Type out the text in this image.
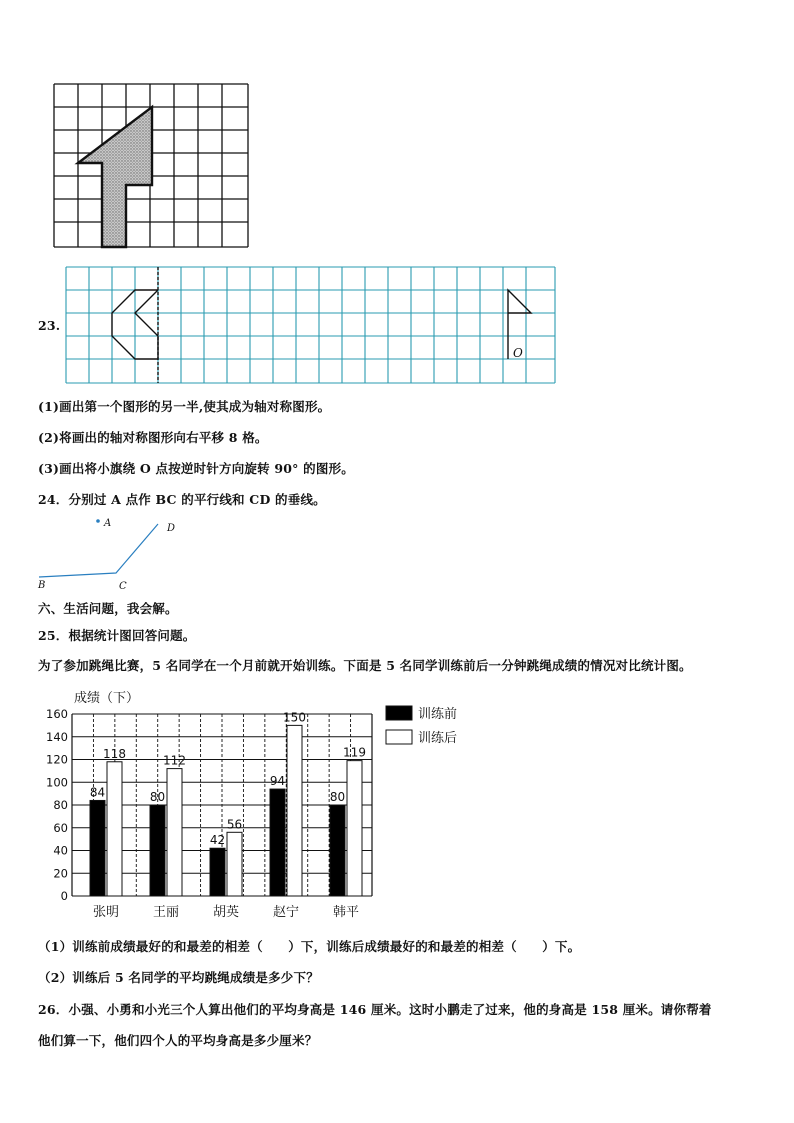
23.
O
(1)画出第一个图形的另一半,使其成为轴对称图形。
(2)将画出的轴对称图形向右平移 8 格。
(3)画出将小旗绕 O 点按逆时针方向旋转 90° 的图形。
24．分别过 A 点作 BC 的平行线和 CD 的垂线。
A	D
B	C
六、生活问题，我会解。
25．根据统计图回答问题。
为了参加跳绳比赛，5 名同学在一个月前就开始训练。下面是 5 名同学训练前后一分钟跳绳成绩的情况对比统计图。
成绩（下）
0
20
40
60
80
100
120
140
160
84
118
张明
80
112
王丽
42
56
胡英
94
150
赵宁
80
119
韩平
训练前
训练后
（1）训练前成绩最好的和最差的相差（　　）下，训练后成绩最好的和最差的相差（　　）下。
（2）训练后 5 名同学的平均跳绳成绩是多少下？
26．小强、小勇和小光三个人算出他们的平均身高是 146 厘米。这时小鹏走了过来，他的身高是 158 厘米。请你帮着
他们算一下，他们四个人的平均身高是多少厘米？
